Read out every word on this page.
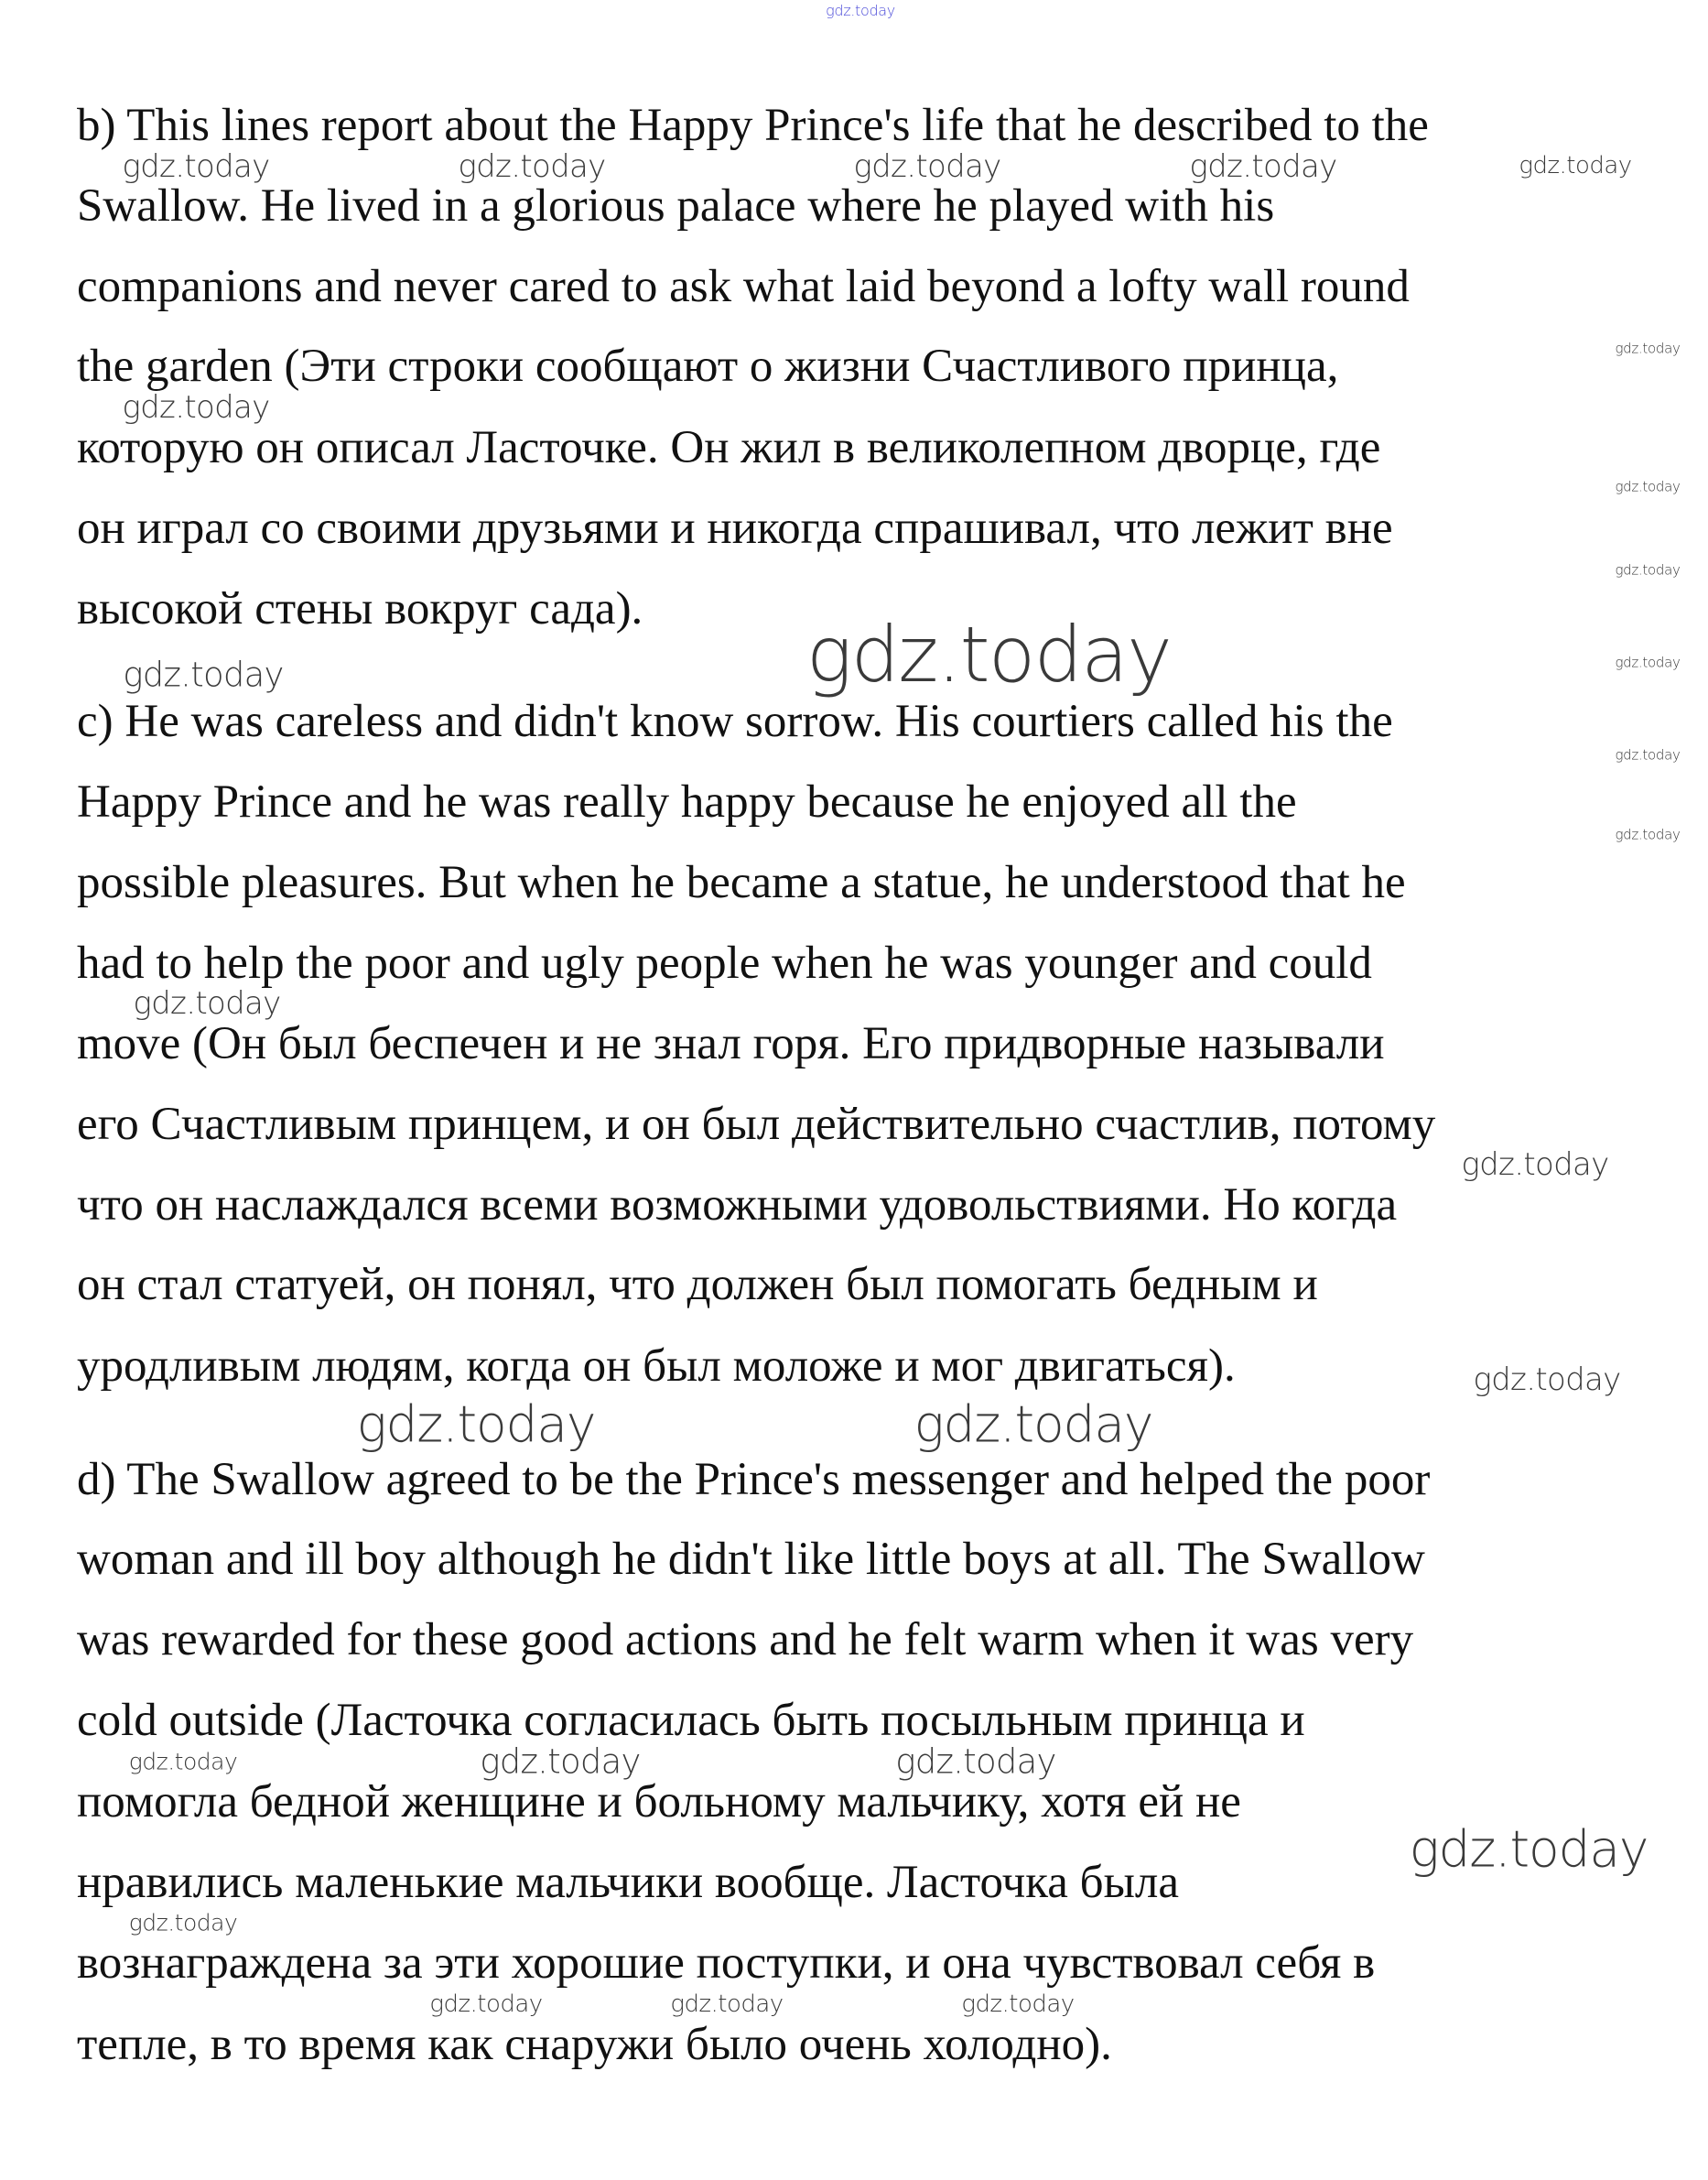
b) This lines report about the Happy Prince's life that he described to the
Swallow. He lived in a glorious palace where he played with his
companions and never cared to ask what laid beyond a lofty wall round
the garden (Эти строки сообщают о жизни Счастливого принца,
которую он описал Ласточке. Он жил в великолепном дворце, где
он играл со своими друзьями и никогда спрашивал, что лежит вне
высокой стены вокруг сада).
c) He was careless and didn't know sorrow. His courtiers called his the
Happy Prince and he was really happy because he enjoyed all the
possible pleasures. But when he became a statue, he understood that he
had to help the poor and ugly people when he was younger and could
move (Он был беспечен и не знал горя. Его придворные называли
его Счастливым принцем, и он был действительно счастлив, потому
что он наслаждался всеми возможными удовольствиями. Но когда
он стал статуей, он понял, что должен был помогать бедным и
уродливым людям, когда он был моложе и мог двигаться).
d) The Swallow agreed to be the Prince's messenger and helped the poor
woman and ill boy although he didn't like little boys at all. The Swallow
was rewarded for these good actions and he felt warm when it was very
cold outside (Ласточка согласилась быть посыльным принца и
помогла бедной женщине и больному мальчику, хотя ей не
нравились маленькие мальчики вообще. Ласточка была
вознаграждена за эти хорошие поступки, и она чувствовал себя в
тепле, в то время как снаружи было очень холодно).
gdz.today
gdz.today	gdz.today	gdz.today	gdz.today	gdz.today
gdz.today
gdz.today
gdz.today
gdz.today
gdz.today	gdz.today
gdz.today
gdz.today
gdz.today
gdz.today
gdz.today
gdz.today
gdz.today	gdz.today
gdz.today	gdz.today	gdz.today
gdz.today
gdz.today
gdz.today	gdz.today	gdz.today
